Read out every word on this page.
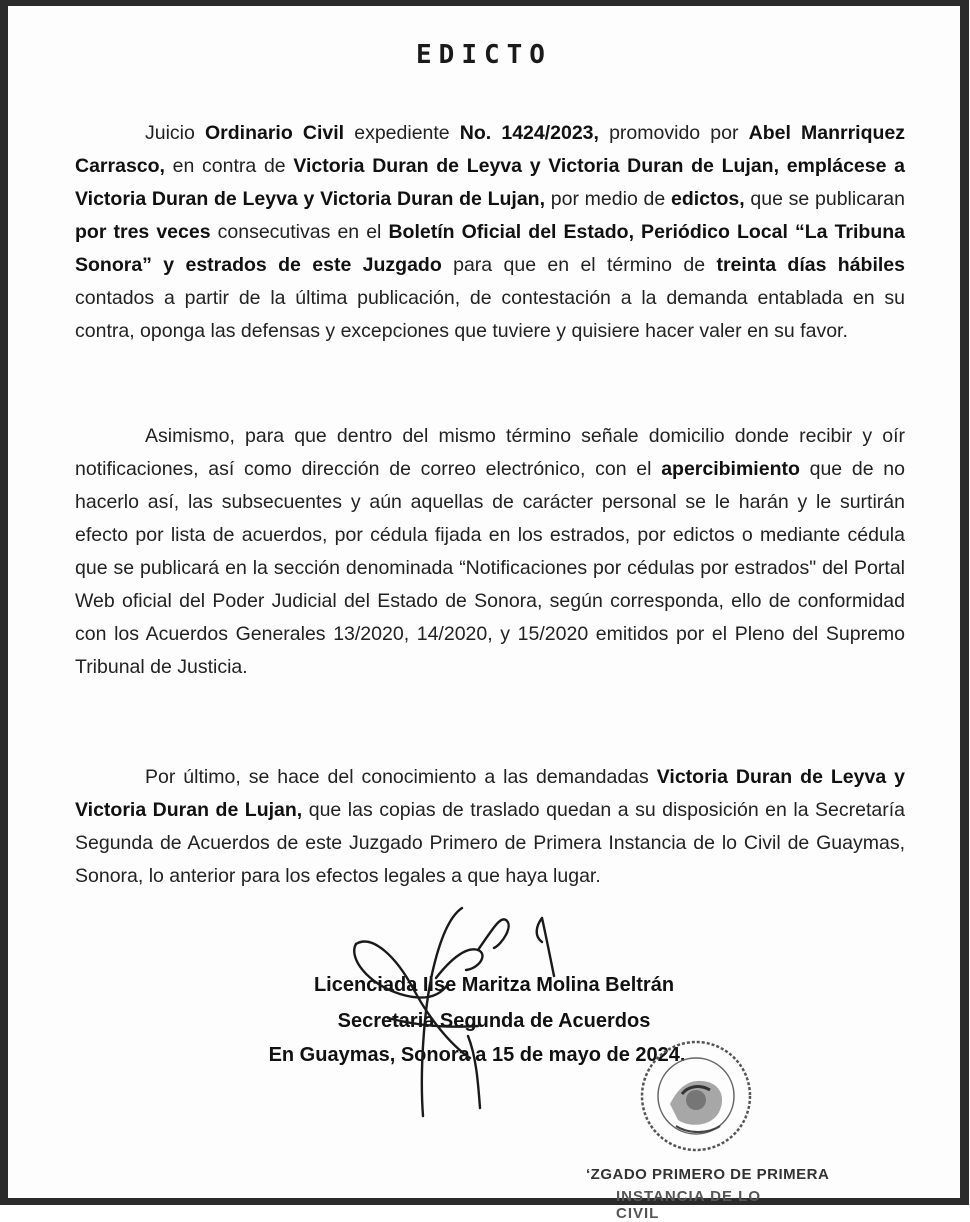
EDICTO

Juicio Ordinario Civil expediente No. 1424/2023, promovido por Abel Manrriquez Carrasco, en contra de Victoria Duran de Leyva y Victoria Duran de Lujan, emplácese a Victoria Duran de Leyva y Victoria Duran de Lujan, por medio de edictos, que se publicaran por tres veces consecutivas en el Boletín Oficial del Estado, Periódico Local “La Tribuna Sonora” y estrados de este Juzgado para que en el término de treinta días hábiles contados a partir de la última publicación, de contestación a la demanda entablada en su contra, oponga las defensas y excepciones que tuviere y quisiere hacer valer en su favor.

Asimismo, para que dentro del mismo término señale domicilio donde recibir y oír notificaciones, así como dirección de correo electrónico, con el apercibimiento que de no hacerlo así, las subsecuentes y aún aquellas de carácter personal se le harán y le surtirán efecto por lista de acuerdos, por cédula fijada en los estrados, por edictos o mediante cédula que se publicará en la sección denominada “Notificaciones por cédulas por estrados" del Portal Web oficial del Poder Judicial del Estado de Sonora, según corresponda, ello de conformidad con los Acuerdos Generales 13/2020, 14/2020, y 15/2020 emitidos por el Pleno del Supremo Tribunal de Justicia.

Por último, se hace del conocimiento a las demandadas Victoria Duran de Leyva y Victoria Duran de Lujan, que las copias de traslado quedan a su disposición en la Secretaría Segunda de Acuerdos de este Juzgado Primero de Primera Instancia de lo Civil de Guaymas, Sonora, lo anterior para los efectos legales a que haya lugar.

Licenciada Ilse Maritza Molina Beltrán
Secretaria Segunda de Acuerdos
En Guaymas, Sonora a 15 de mayo de 2024.
‘ZGADO PRIMERO DE PRIMERA
INSTANCIA DE LO CIVIL
